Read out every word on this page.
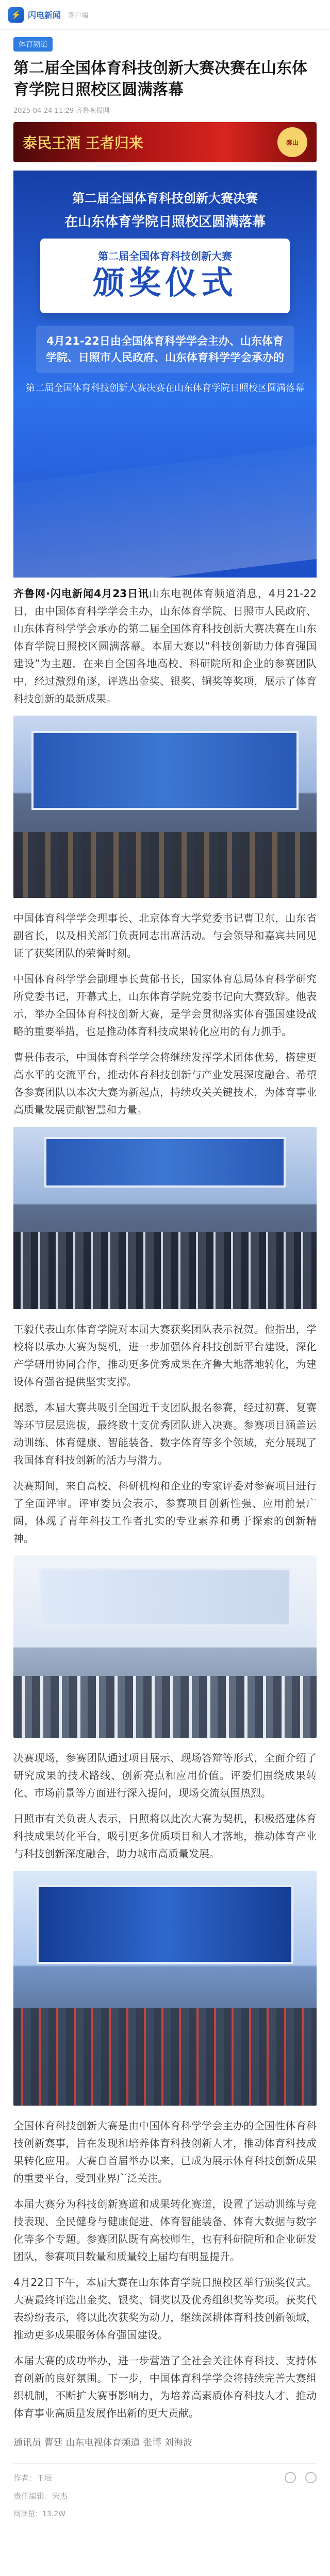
⚡ 闪电新闻 客户端
体育频道
第二届全国体育科技创新大赛决赛在山东体育学院日照校区圆满落幕
2025-04-24 11:29 齐鲁晚报网
泰民王酒 王者归来	泰山
第二届全国体育科技创新大赛决赛
在山东体育学院日照校区圆满落幕
第二届全国体育科技创新大赛
颁奖仪式
4月21-22日由全国体育科学学会主办、山东体育学院、日照市人民政府、山东体育科学学会承办的
第二届全国体育科技创新大赛决赛在山东体育学院日照校区圆满落幕

齐鲁网·闪电新闻4月23日讯山东电视体育频道消息，4月21-22日，由中国体育科学学会主办，山东体育学院、日照市人民政府、山东体育科学学会承办的第二届全国体育科技创新大赛决赛在山东体育学院日照校区圆满落幕。本届大赛以“科技创新助力体育强国建设”为主题，在来自全国各地高校、科研院所和企业的参赛团队中，经过激烈角逐，评选出金奖、银奖、铜奖等奖项，展示了体育科技创新的最新成果。

中国体育科学学会理事长、北京体育大学党委书记曹卫东，山东省副省长，以及相关部门负责同志出席活动。与会领导和嘉宾共同见证了获奖团队的荣誉时刻。

中国体育科学学会副理事长黄郁书长，国家体育总局体育科学研究所党委书记，开幕式上，山东体育学院党委书记向大赛致辞。他表示，举办全国体育科技创新大赛，是学会贯彻落实体育强国建设战略的重要举措，也是推动体育科技成果转化应用的有力抓手。

曹景伟表示，中国体育科学学会将继续发挥学术团体优势，搭建更高水平的交流平台，推动体育科技创新与产业发展深度融合。希望各参赛团队以本次大赛为新起点，持续攻关关键技术，为体育事业高质量发展贡献智慧和力量。

王毅代表山东体育学院对本届大赛获奖团队表示祝贺。他指出，学校将以承办大赛为契机，进一步加强体育科技创新平台建设，深化产学研用协同合作，推动更多优秀成果在齐鲁大地落地转化，为建设体育强省提供坚实支撑。

据悉，本届大赛共吸引全国近千支团队报名参赛，经过初赛、复赛等环节层层选拔，最终数十支优秀团队进入决赛。参赛项目涵盖运动训练、体育健康、智能装备、数字体育等多个领域，充分展现了我国体育科技创新的活力与潜力。

决赛期间，来自高校、科研机构和企业的专家评委对参赛项目进行了全面评审。评审委员会表示，参赛项目创新性强、应用前景广阔，体现了青年科技工作者扎实的专业素养和勇于探索的创新精神。

决赛现场，参赛团队通过项目展示、现场答辩等形式，全面介绍了研究成果的技术路线、创新亮点和应用价值。评委们围绕成果转化、市场前景等方面进行深入提问，现场交流氛围热烈。

日照市有关负责人表示，日照将以此次大赛为契机，积极搭建体育科技成果转化平台，吸引更多优质项目和人才落地，推动体育产业与科技创新深度融合，助力城市高质量发展。

全国体育科技创新大赛是由中国体育科学学会主办的全国性体育科技创新赛事，旨在发现和培养体育科技创新人才，推动体育科技成果转化应用。大赛自首届举办以来，已成为展示体育科技创新成果的重要平台，受到业界广泛关注。

本届大赛分为科技创新赛道和成果转化赛道，设置了运动训练与竞技表现、全民健身与健康促进、体育智能装备、体育大数据与数字化等多个专题。参赛团队既有高校师生，也有科研院所和企业研发团队，参赛项目数量和质量较上届均有明显提升。

4月22日下午，本届大赛在山东体育学院日照校区举行颁奖仪式。大赛最终评选出金奖、银奖、铜奖以及优秀组织奖等奖项。获奖代表纷纷表示，将以此次获奖为动力，继续深耕体育科技创新领域，推动更多成果服务体育强国建设。

本届大赛的成功举办，进一步营造了全社会关注体育科技、支持体育创新的良好氛围。下一步，中国体育科学学会将持续完善大赛组织机制，不断扩大赛事影响力，为培养高素质体育科技人才、推动体育事业高质量发展作出新的更大贡献。

通讯员 曹廷 山东电视体育频道 张博 刘海波
作者：王辰
责任编辑：宋杰
阅读量：13.2W
